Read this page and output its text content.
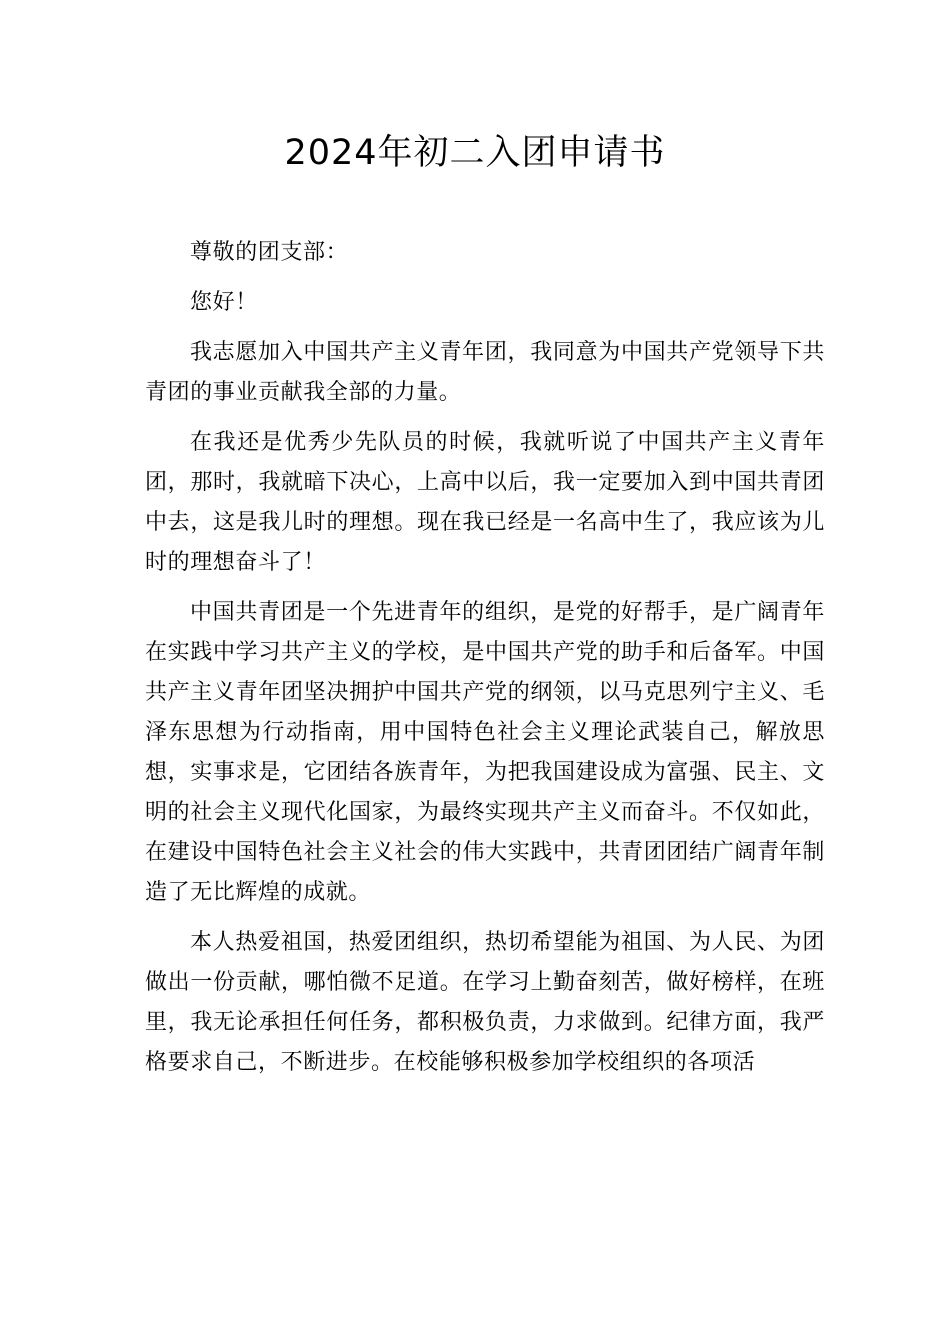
2024年初二入团申请书

尊敬的团支部：

您好！

我志愿加入中国共产主义青年团，我同意为中国共产党领导下共青团的事业贡献我全部的力量。

在我还是优秀少先队员的时候，我就听说了中国共产主义青年团，那时，我就暗下决心，上高中以后，我一定要加入到中国共青团中去，这是我儿时的理想。现在我已经是一名高中生了，我应该为儿时的理想奋斗了！

中国共青团是一个先进青年的组织，是党的好帮手，是广阔青年在实践中学习共产主义的学校，是中国共产党的助手和后备军。中国共产主义青年团坚决拥护中国共产党的纲领，以马克思列宁主义、毛泽东思想为行动指南，用中国特色社会主义理论武装自己，解放思想，实事求是，它团结各族青年，为把我国建设成为富强、民主、文明的社会主义现代化国家，为最终实现共产主义而奋斗。不仅如此，在建设中国特色社会主义社会的伟大实践中，共青团团结广阔青年制造了无比辉煌的成就。

本人热爱祖国，热爱团组织，热切希望能为祖国、为人民、为团做出一份贡献，哪怕微不足道。在学习上勤奋刻苦，做好榜样，在班里，我无论承担任何任务，都积极负责，力求做到。纪律方面，我严格要求自己，不断进步。在校能够积极参加学校组织的各项活
